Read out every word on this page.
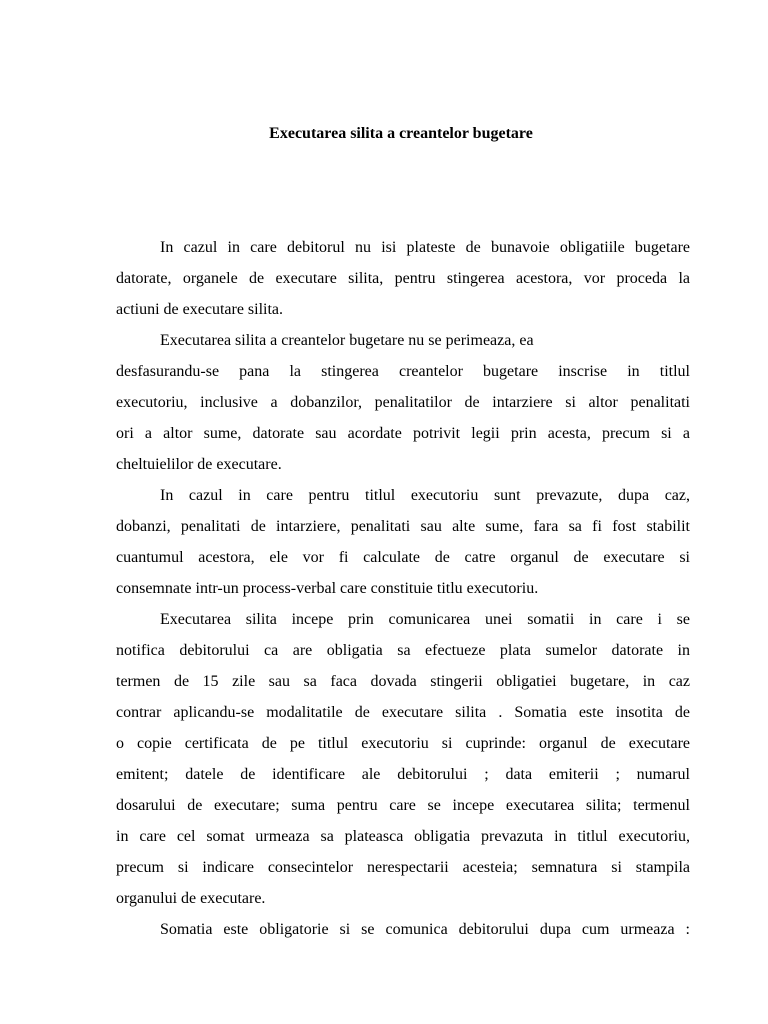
Executarea silita a creantelor bugetare

In cazul in care debitorul nu isi plateste de bunavoie obligatiile bugetare
datorate, organele de executare silita, pentru stingerea acestora, vor proceda la
actiuni de executare silita.

Executarea silita a creantelor bugetare nu se perimeaza, ea
desfasurandu-se pana la stingerea creantelor bugetare inscrise in titlul
executoriu, inclusive a dobanzilor, penalitatilor de intarziere si altor penalitati
ori a altor sume, datorate sau acordate potrivit legii prin acesta, precum si a
cheltuielilor de executare.

In cazul in care pentru titlul executoriu sunt prevazute, dupa caz,
dobanzi, penalitati de intarziere, penalitati sau alte sume, fara sa fi fost stabilit
cuantumul acestora, ele vor fi calculate de catre organul de executare si
consemnate intr-un process-verbal care constituie titlu executoriu.

Executarea silita incepe prin comunicarea unei somatii in care i se
notifica debitorului ca are obligatia sa efectueze plata sumelor datorate in
termen de 15 zile sau sa faca dovada stingerii obligatiei bugetare, in caz
contrar aplicandu-se modalitatile de executare silita . Somatia este insotita de
o copie certificata de pe titlul executoriu si cuprinde: organul de executare
emitent; datele de identificare ale debitorului ; data emiterii ; numarul
dosarului de executare; suma pentru care se incepe executarea silita; termenul
in care cel somat urmeaza sa plateasca obligatia prevazuta in titlul executoriu,
precum si indicare consecintelor nerespectarii acesteia; semnatura si stampila
organului de executare.

Somatia este obligatorie si se comunica debitorului dupa cum urmeaza :
